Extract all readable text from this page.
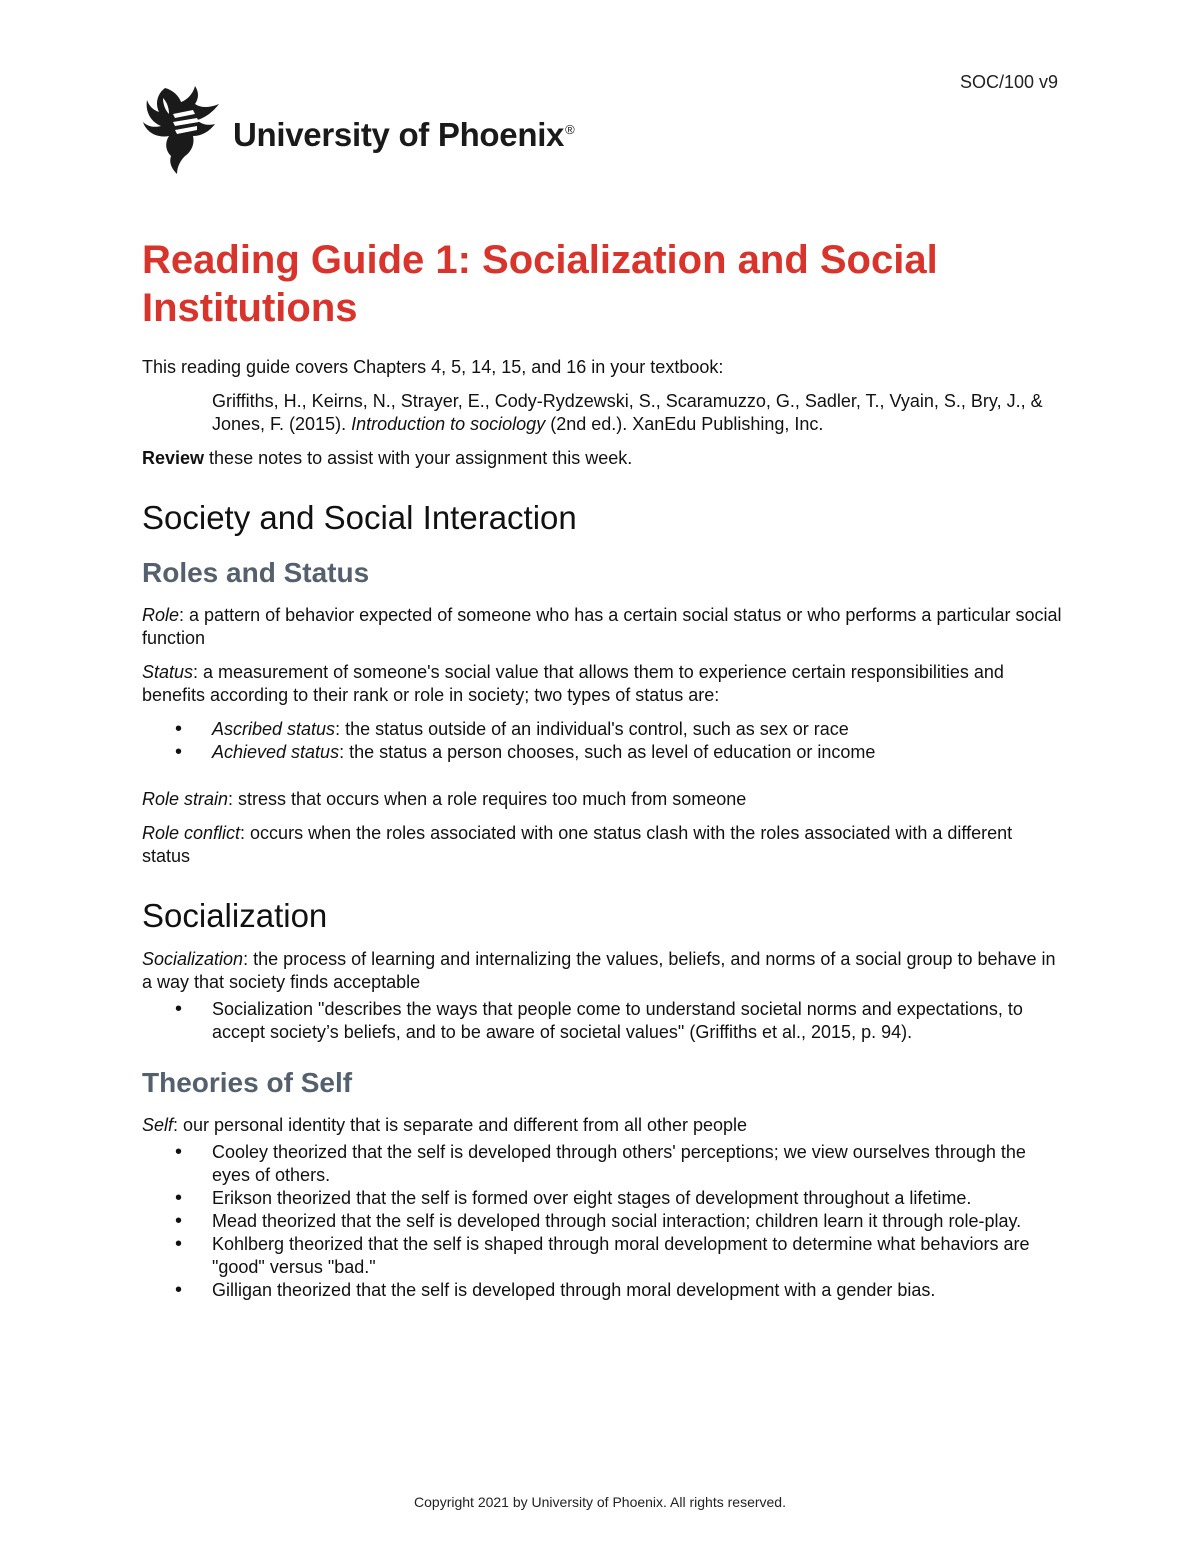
SOC/100 v9
University of Phoenix®
Reading Guide 1: Socialization and Social Institutions

This reading guide covers Chapters 4, 5, 14, 15, and 16 in your textbook:

Griffiths, H., Keirns, N., Strayer, E., Cody-Rydzewski, S., Scaramuzzo, G., Sadler, T., Vyain, S., Bry, J., & Jones, F. (2015). Introduction to sociology (2nd ed.). XanEdu Publishing, Inc.

Review these notes to assist with your assignment this week.

Society and Social Interaction
Roles and Status

Role: a pattern of behavior expected of someone who has a certain social status or who performs a particular social function

Status: a measurement of someone's social value that allows them to experience certain responsibilities and benefits according to their rank or role in society; two types of status are:

• Ascribed status: the status outside of an individual's control, such as sex or race
• Achieved status: the status a person chooses, such as level of education or income

Role strain: stress that occurs when a role requires too much from someone

Role conflict: occurs when the roles associated with one status clash with the roles associated with a different status

Socialization

Socialization: the process of learning and internalizing the values, beliefs, and norms of a social group to behave in a way that society finds acceptable

• Socialization "describes the ways that people come to understand societal norms and expectations, to accept society’s beliefs, and to be aware of societal values" (Griffiths et al., 2015, p. 94).
Theories of Self

Self: our personal identity that is separate and different from all other people

• Cooley theorized that the self is developed through others' perceptions; we view ourselves through the eyes of others.
• Erikson theorized that the self is formed over eight stages of development throughout a lifetime.
• Mead theorized that the self is developed through social interaction; children learn it through role-play.
• Kohlberg theorized that the self is shaped through moral development to determine what behaviors are "good" versus "bad."
• Gilligan theorized that the self is developed through moral development with a gender bias.
Copyright 2021 by University of Phoenix. All rights reserved.
